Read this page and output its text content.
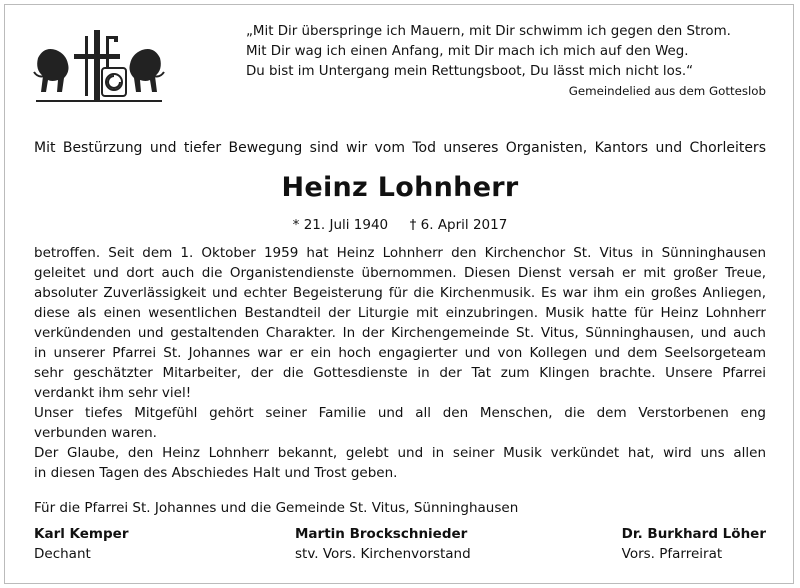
„Mit Dir überspringe ich Mauern, mit Dir schwimm ich gegen den Strom.
Mit Dir wag ich einen Anfang, mit Dir mach ich mich auf den Weg.
Du bist im Untergang mein Rettungsboot, Du lässt mich nicht los.“
Gemeindelied aus dem Gotteslob
Mit Bestürzung und tiefer Bewegung sind wir vom Tod unseres Organisten, Kantors und Chorleiters
Heinz Lohnherr
* 21. Juli 1940     † 6. April 2017
betroffen. Seit dem 1. Oktober 1959 hat Heinz Lohnherr den Kirchenchor St. Vitus in Sünninghausen
geleitet und dort auch die Organistendienste übernommen. Diesen Dienst versah er mit großer Treue,
absoluter Zuverlässigkeit und echter Begeisterung für die Kirchenmusik. Es war ihm ein großes Anliegen,
diese als einen wesentlichen Bestandteil der Liturgie mit einzubringen. Musik hatte für Heinz Lohnherr
verkündenden und gestaltenden Charakter. In der Kirchengemeinde St. Vitus, Sünninghausen, und auch
in unserer Pfarrei St. Johannes war er ein hoch engagierter und von Kollegen und dem Seelsorgeteam
sehr geschätzter Mitarbeiter, der die Gottesdienste in der Tat zum Klingen brachte. Unsere Pfarrei
verdankt ihm sehr viel!
Unser tiefes Mitgefühl gehört seiner Familie und all den Menschen, die dem Verstorbenen eng
verbunden waren.
Der Glaube, den Heinz Lohnherr bekannt, gelebt und in seiner Musik verkündet hat, wird uns allen
in diesen Tagen des Abschiedes Halt und Trost geben.
Für die Pfarrei St. Johannes und die Gemeinde St. Vitus, Sünninghausen
Karl Kemper
Dechant
Martin Brockschnieder
stv. Vors. Kirchenvorstand
Dr. Burkhard Löher
Vors. Pfarreirat
